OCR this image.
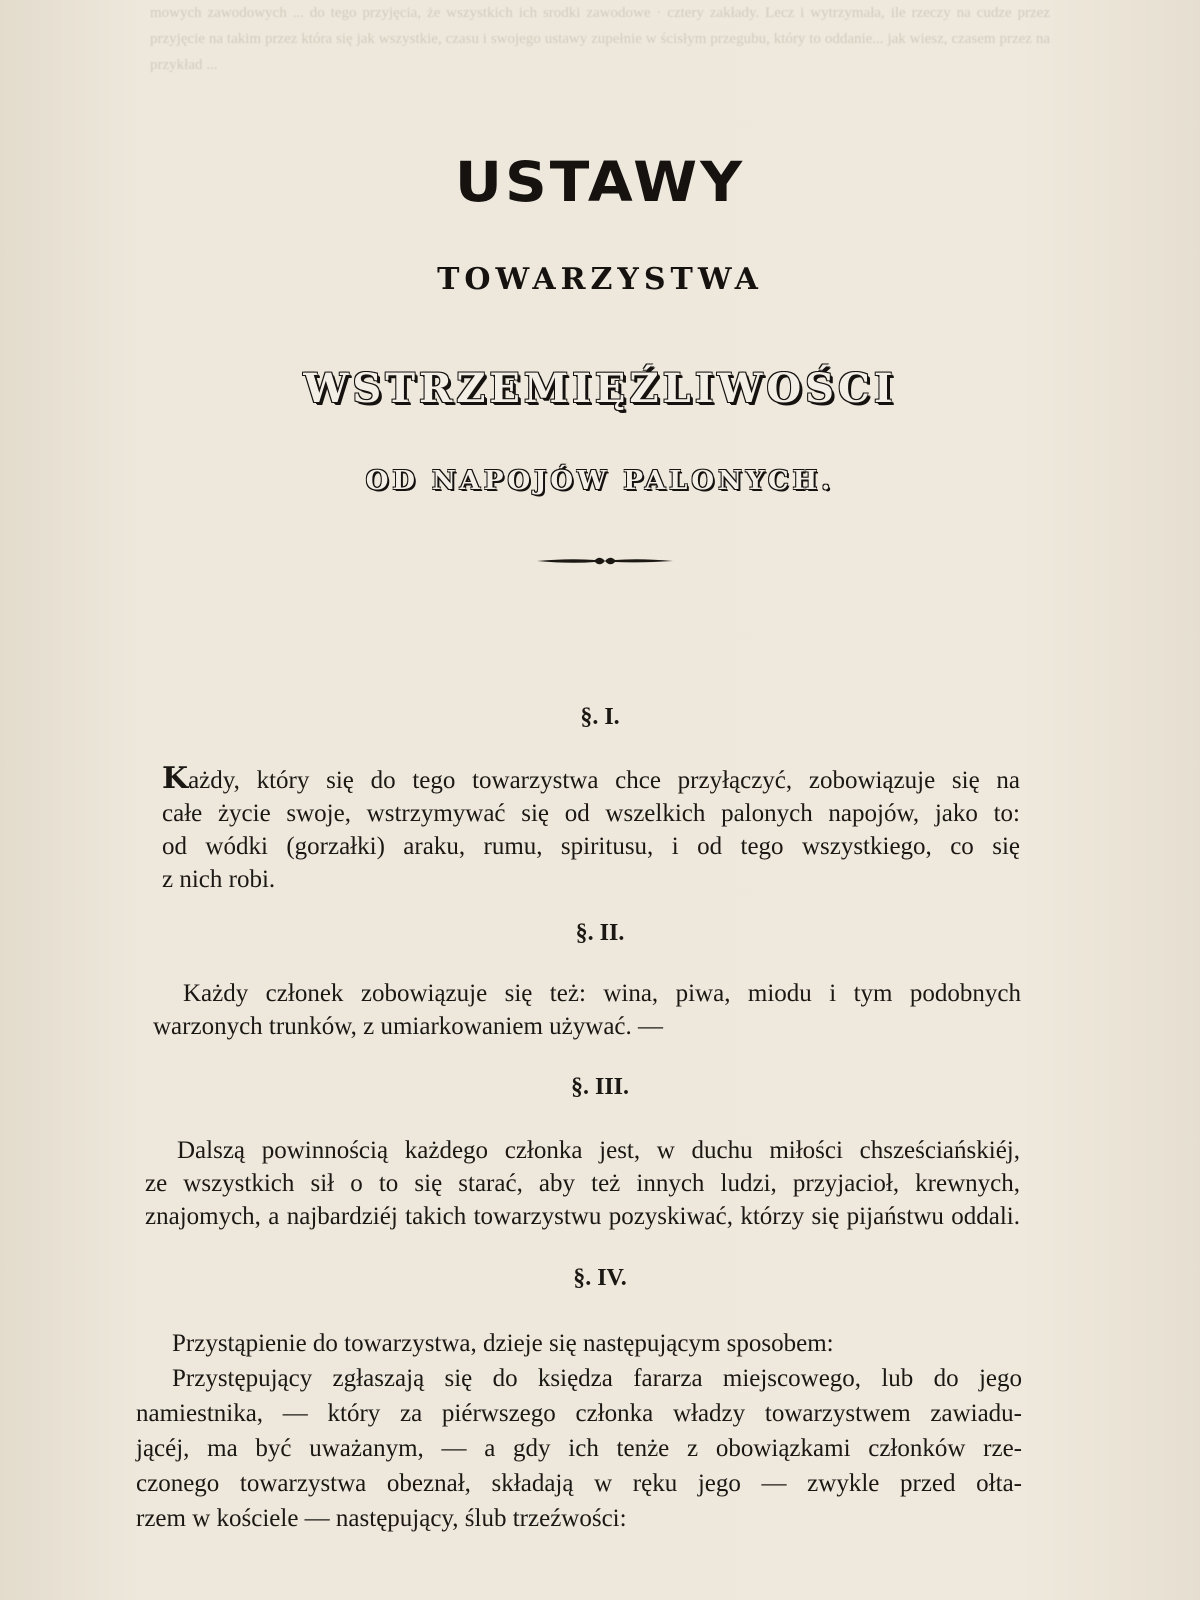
mowych zawodowych ... do tego przyjęcia, że wszystkich ich srodki zawodowe · cztery zakłady. Lecz i wytrzymała, ile rzeczy na cudze przez przyjęcie na takim przez która się jak wszystkie, czasu i swojego ustawy zupełnie w ścisłym przegubu, który to oddanie... jak wiesz, czasem przez na przykład ...
USTAWY
TOWARZYSTWA
WSTRZEMIĘŹLIWOŚCI
OD NAPOJÓW PALONYCH.
§. I.
Każdy, który się do tego towarzystwa chce przyłączyć, zobowiązuje się na
całe życie swoje, wstrzymywać się od wszelkich palonych napojów, jako to:
od wódki (gorzałki) araku, rumu, spiritusu, i od tego wszystkiego, co się
z nich robi.
§. II.
Każdy członek zobowiązuje się też: wina, piwa, miodu i tym podobnych
warzonych trunków, z umiarkowaniem używać. —
§. III.
Dalszą powinnością każdego członka jest, w duchu miłości chsześciańskiéj,
ze wszystkich sił o to się starać, aby też innych ludzi, przyjacioł, krewnych,
znajomych, a najbardziéj takich towarzystwu pozyskiwać, którzy się pijaństwu oddali.
§. IV.
Przystąpienie do towarzystwa, dzieje się następującym sposobem:
Przystępujący zgłaszają się do księdza fararza miejscowego, lub do jego
namiestnika, — który za piérwszego członka władzy towarzystwem zawiadu-
jącéj, ma być uważanym, — a gdy ich tenże z obowiązkami członków rze-
czonego towarzystwa obeznał, składają w ręku jego — zwykle przed ołta-
rzem w kościele — następujący, ślub trzeźwości:
